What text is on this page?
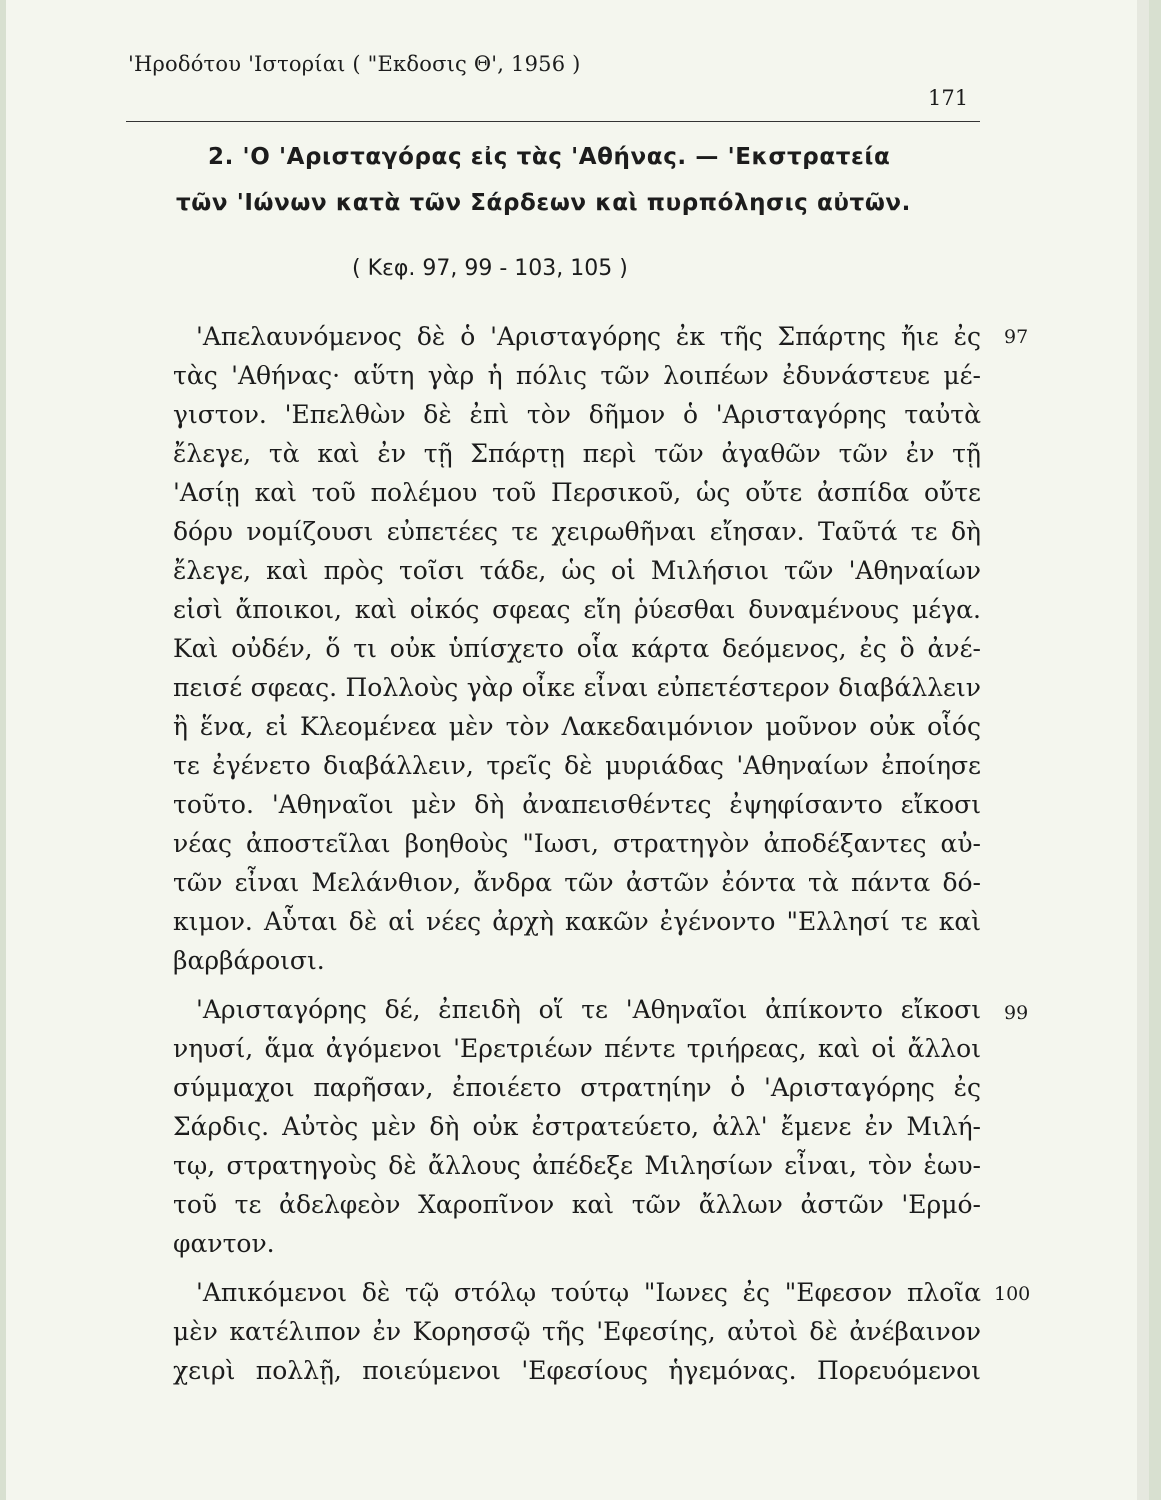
'Ηροδότου 'Ιστορίαι ( "Εκδοσις Θ', 1956 )
171
2. 'Ο 'Αρισταγόρας εἰς τὰς 'Αθήνας. — 'Εκστρατεία
τῶν 'Ιώνων κατὰ τῶν Σάρδεων καὶ πυρπόλησις αὐτῶν.
( Κεφ. 97, 99 - 103, 105 )
'Απελαυνόμενος δὲ ὁ 'Αρισταγόρης ἐκ τῆς Σπάρτης ἤιε ἐς
τὰς 'Αθήνας· αὕτη γὰρ ἡ πόλις τῶν λοιπέων ἐδυνάστευε μέ-
γιστον. 'Επελθὼν δὲ ἐπὶ τὸν δῆμον ὁ 'Αρισταγόρης ταὐτὰ
ἔλεγε, τὰ καὶ ἐν τῇ Σπάρτῃ περὶ τῶν ἀγαθῶν τῶν ἐν τῇ
'Ασίῃ καὶ τοῦ πολέμου τοῦ Περσικοῦ, ὡς οὔτε ἀσπίδα οὔτε
δόρυ νομίζουσι εὐπετέες τε χειρωθῆναι εἴησαν. Ταῦτά τε δὴ
ἔλεγε, καὶ πρὸς τοῖσι τάδε, ὡς οἱ Μιλήσιοι τῶν 'Αθηναίων
εἰσὶ ἄποικοι, καὶ οἰκός σφεας εἴη ῥύεσθαι δυναμένους μέγα.
Καὶ οὐδέν, ὅ τι οὐκ ὑπίσχετο οἷα κάρτα δεόμενος, ἐς ὃ ἀνέ-
πεισέ σφεας. Πολλοὺς γὰρ οἶκε εἶναι εὐπετέστερον διαβάλλειν
ἢ ἕνα, εἰ Κλεομένεα μὲν τὸν Λακεδαιμόνιον μοῦνον οὐκ οἷός
τε ἐγένετο διαβάλλειν, τρεῖς δὲ μυριάδας 'Αθηναίων ἐποίησε
τοῦτο. 'Αθηναῖοι μὲν δὴ ἀναπεισθέντες ἐψηφίσαντο εἴκοσι
νέας ἀποστεῖλαι βοηθοὺς "Ιωσι, στρατηγὸν ἀποδέξαντες αὐ-
τῶν εἶναι Μελάνθιον, ἄνδρα τῶν ἀστῶν ἐόντα τὰ πάντα δό-
κιμον. Αὗται δὲ αἱ νέες ἀρχὴ κακῶν ἐγένοντο "Ελλησί τε καὶ
βαρβάροισι.
'Αρισταγόρης δέ, ἐπειδὴ οἵ τε 'Αθηναῖοι ἀπίκοντο εἴκοσι
νηυσί, ἅμα ἀγόμενοι 'Ερετριέων πέντε τριήρεας, καὶ οἱ ἄλλοι
σύμμαχοι παρῆσαν, ἐποιέετο στρατηίην ὁ 'Αρισταγόρης ἐς
Σάρδις. Αὐτὸς μὲν δὴ οὐκ ἐστρατεύετο, ἀλλ' ἔμενε ἐν Μιλή-
τῳ, στρατηγοὺς δὲ ἄλλους ἀπέδεξε Μιλησίων εἶναι, τὸν ἑωυ-
τοῦ τε ἀδελφεὸν Χαροπῖνον καὶ τῶν ἄλλων ἀστῶν 'Ερμό-
φαντον.
'Απικόμενοι δὲ τῷ στόλῳ τούτῳ "Ιωνες ἐς "Εφεσον πλοῖα
μὲν κατέλιπον ἐν Κορησσῷ τῆς 'Εφεσίης, αὐτοὶ δὲ ἀνέβαινον
χειρὶ πολλῇ, ποιεύμενοι 'Εφεσίους ἡγεμόνας. Πορευόμενοι
97
99
100
